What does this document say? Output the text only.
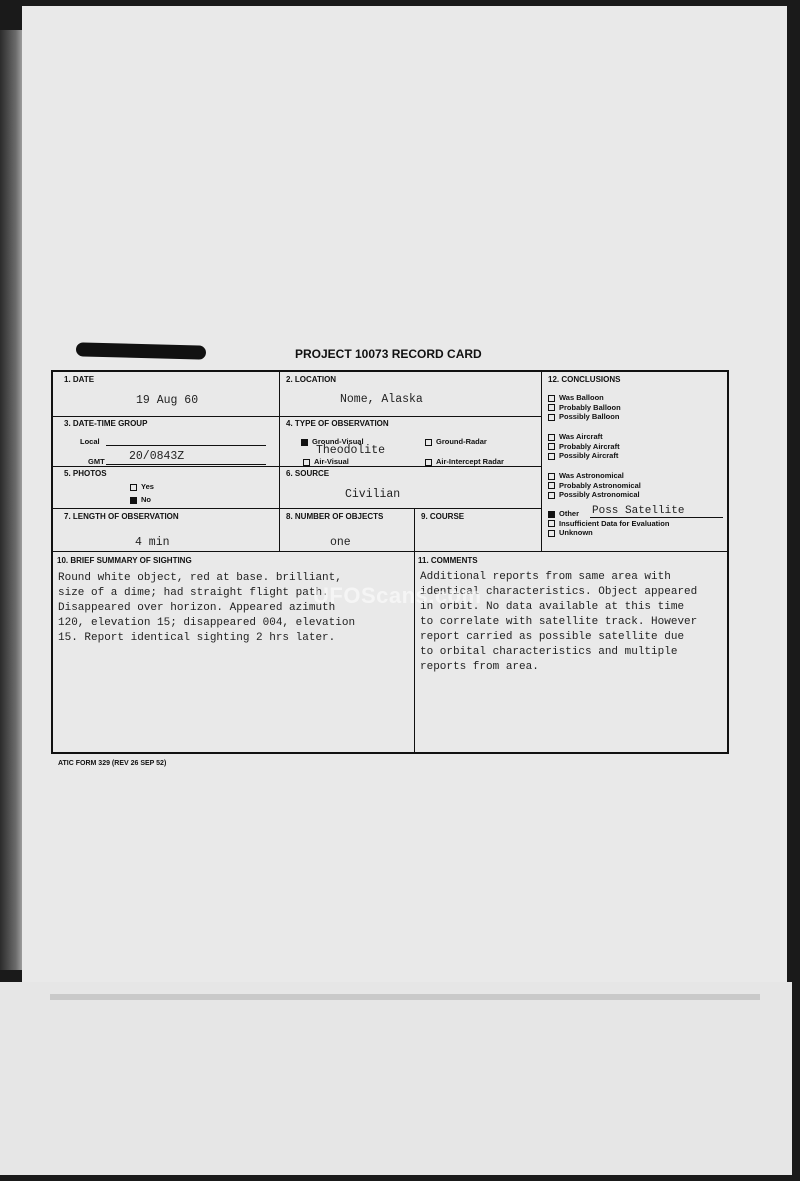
PROJECT 10073 RECORD CARD
1. DATE
19 Aug 60
2. LOCATION
Nome, Alaska
3. DATE-TIME GROUP
Local
GMT 20/0843Z
4. TYPE OF OBSERVATION
Ground-Visual
Theodolite
Ground-Radar
Air-Visual	Air-Intercept Radar
5. PHOTOS
Yes
No
6. SOURCE
Civilian
7. LENGTH OF OBSERVATION
4 min
8. NUMBER OF OBJECTS
one
9. COURSE
12. CONCLUSIONS
Was Balloon
Probably Balloon
Possibly Balloon
Was Aircraft
Probably Aircraft
Possibly Aircraft
Was Astronomical
Probably Astronomical
Possibly Astronomical
Other
Insufficient Data for Evaluation
Unknown
Poss Satellite
10. BRIEF SUMMARY OF SIGHTING
Round white object, red at base. brilliant,
size of a dime; had straight flight path.
Disappeared over horizon. Appeared azimuth
120, elevation 15; disappeared 004, elevation
15. Report identical sighting 2 hrs later.
11. COMMENTS
Additional reports from same area with
identical characteristics. Object appeared
in orbit. No data available at this time
to correlate with satellite track. However
report carried as possible satellite due
to orbital characteristics and multiple
reports from area.
UFOScans.com
ATIC FORM 329 (REV 26 SEP 52)
